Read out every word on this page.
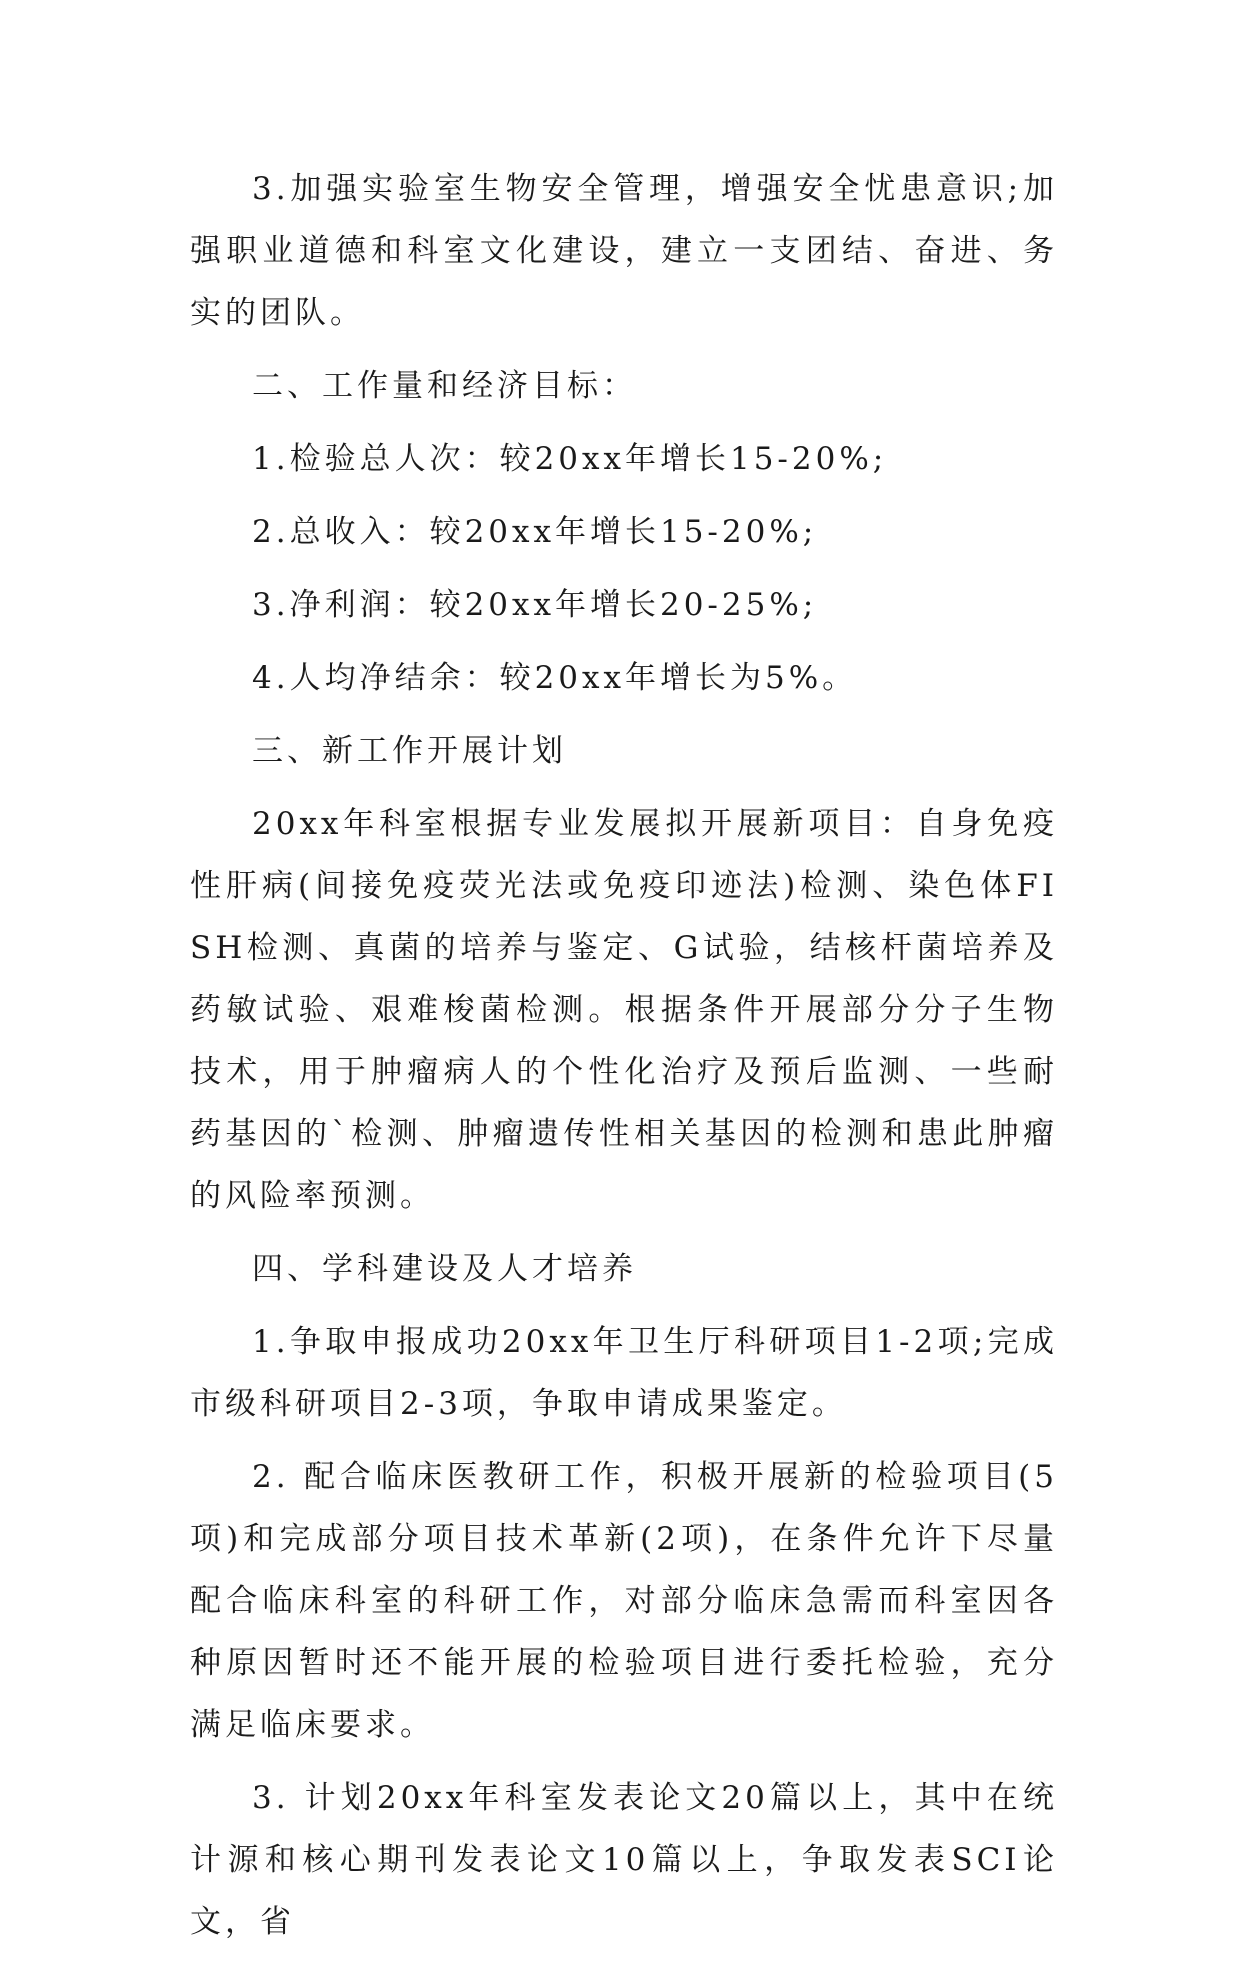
3.加强实验室生物安全管理，增强安全忧患意识;加强职业道德和科室文化建设，建立一支团结、奋进、务实的团队。

二、工作量和经济目标：

1.检验总人次：较20xx年增长15-20%;

2.总收入：较20xx年增长15-20%;

3.净利润：较20xx年增长20-25%;

4.人均净结余：较20xx年增长为5%。

三、新工作开展计划

20xx年科室根据专业发展拟开展新项目：自身免疫性肝病(间接免疫荧光法或免疫印迹法)检测、染色体FISH检测、真菌的培养与鉴定、G试验，结核杆菌培养及药敏试验、艰难梭菌检测。根据条件开展部分分子生物技术，用于肿瘤病人的个性化治疗及预后监测、一些耐药基因的`检测、肿瘤遗传性相关基因的检测和患此肿瘤的风险率预测。

四、学科建设及人才培养

1.争取申报成功20xx年卫生厅科研项目1-2项;完成市级科研项目2-3项，争取申请成果鉴定。

2. 配合临床医教研工作，积极开展新的检验项目(5项)和完成部分项目技术革新(2项)，在条件允许下尽量配合临床科室的科研工作，对部分临床急需而科室因各种原因暂时还不能开展的检验项目进行委托检验，充分满足临床要求。

3. 计划20xx年科室发表论文20篇以上，其中在统计源和核心期刊发表论文10篇以上，争取发表SCI论文，省
